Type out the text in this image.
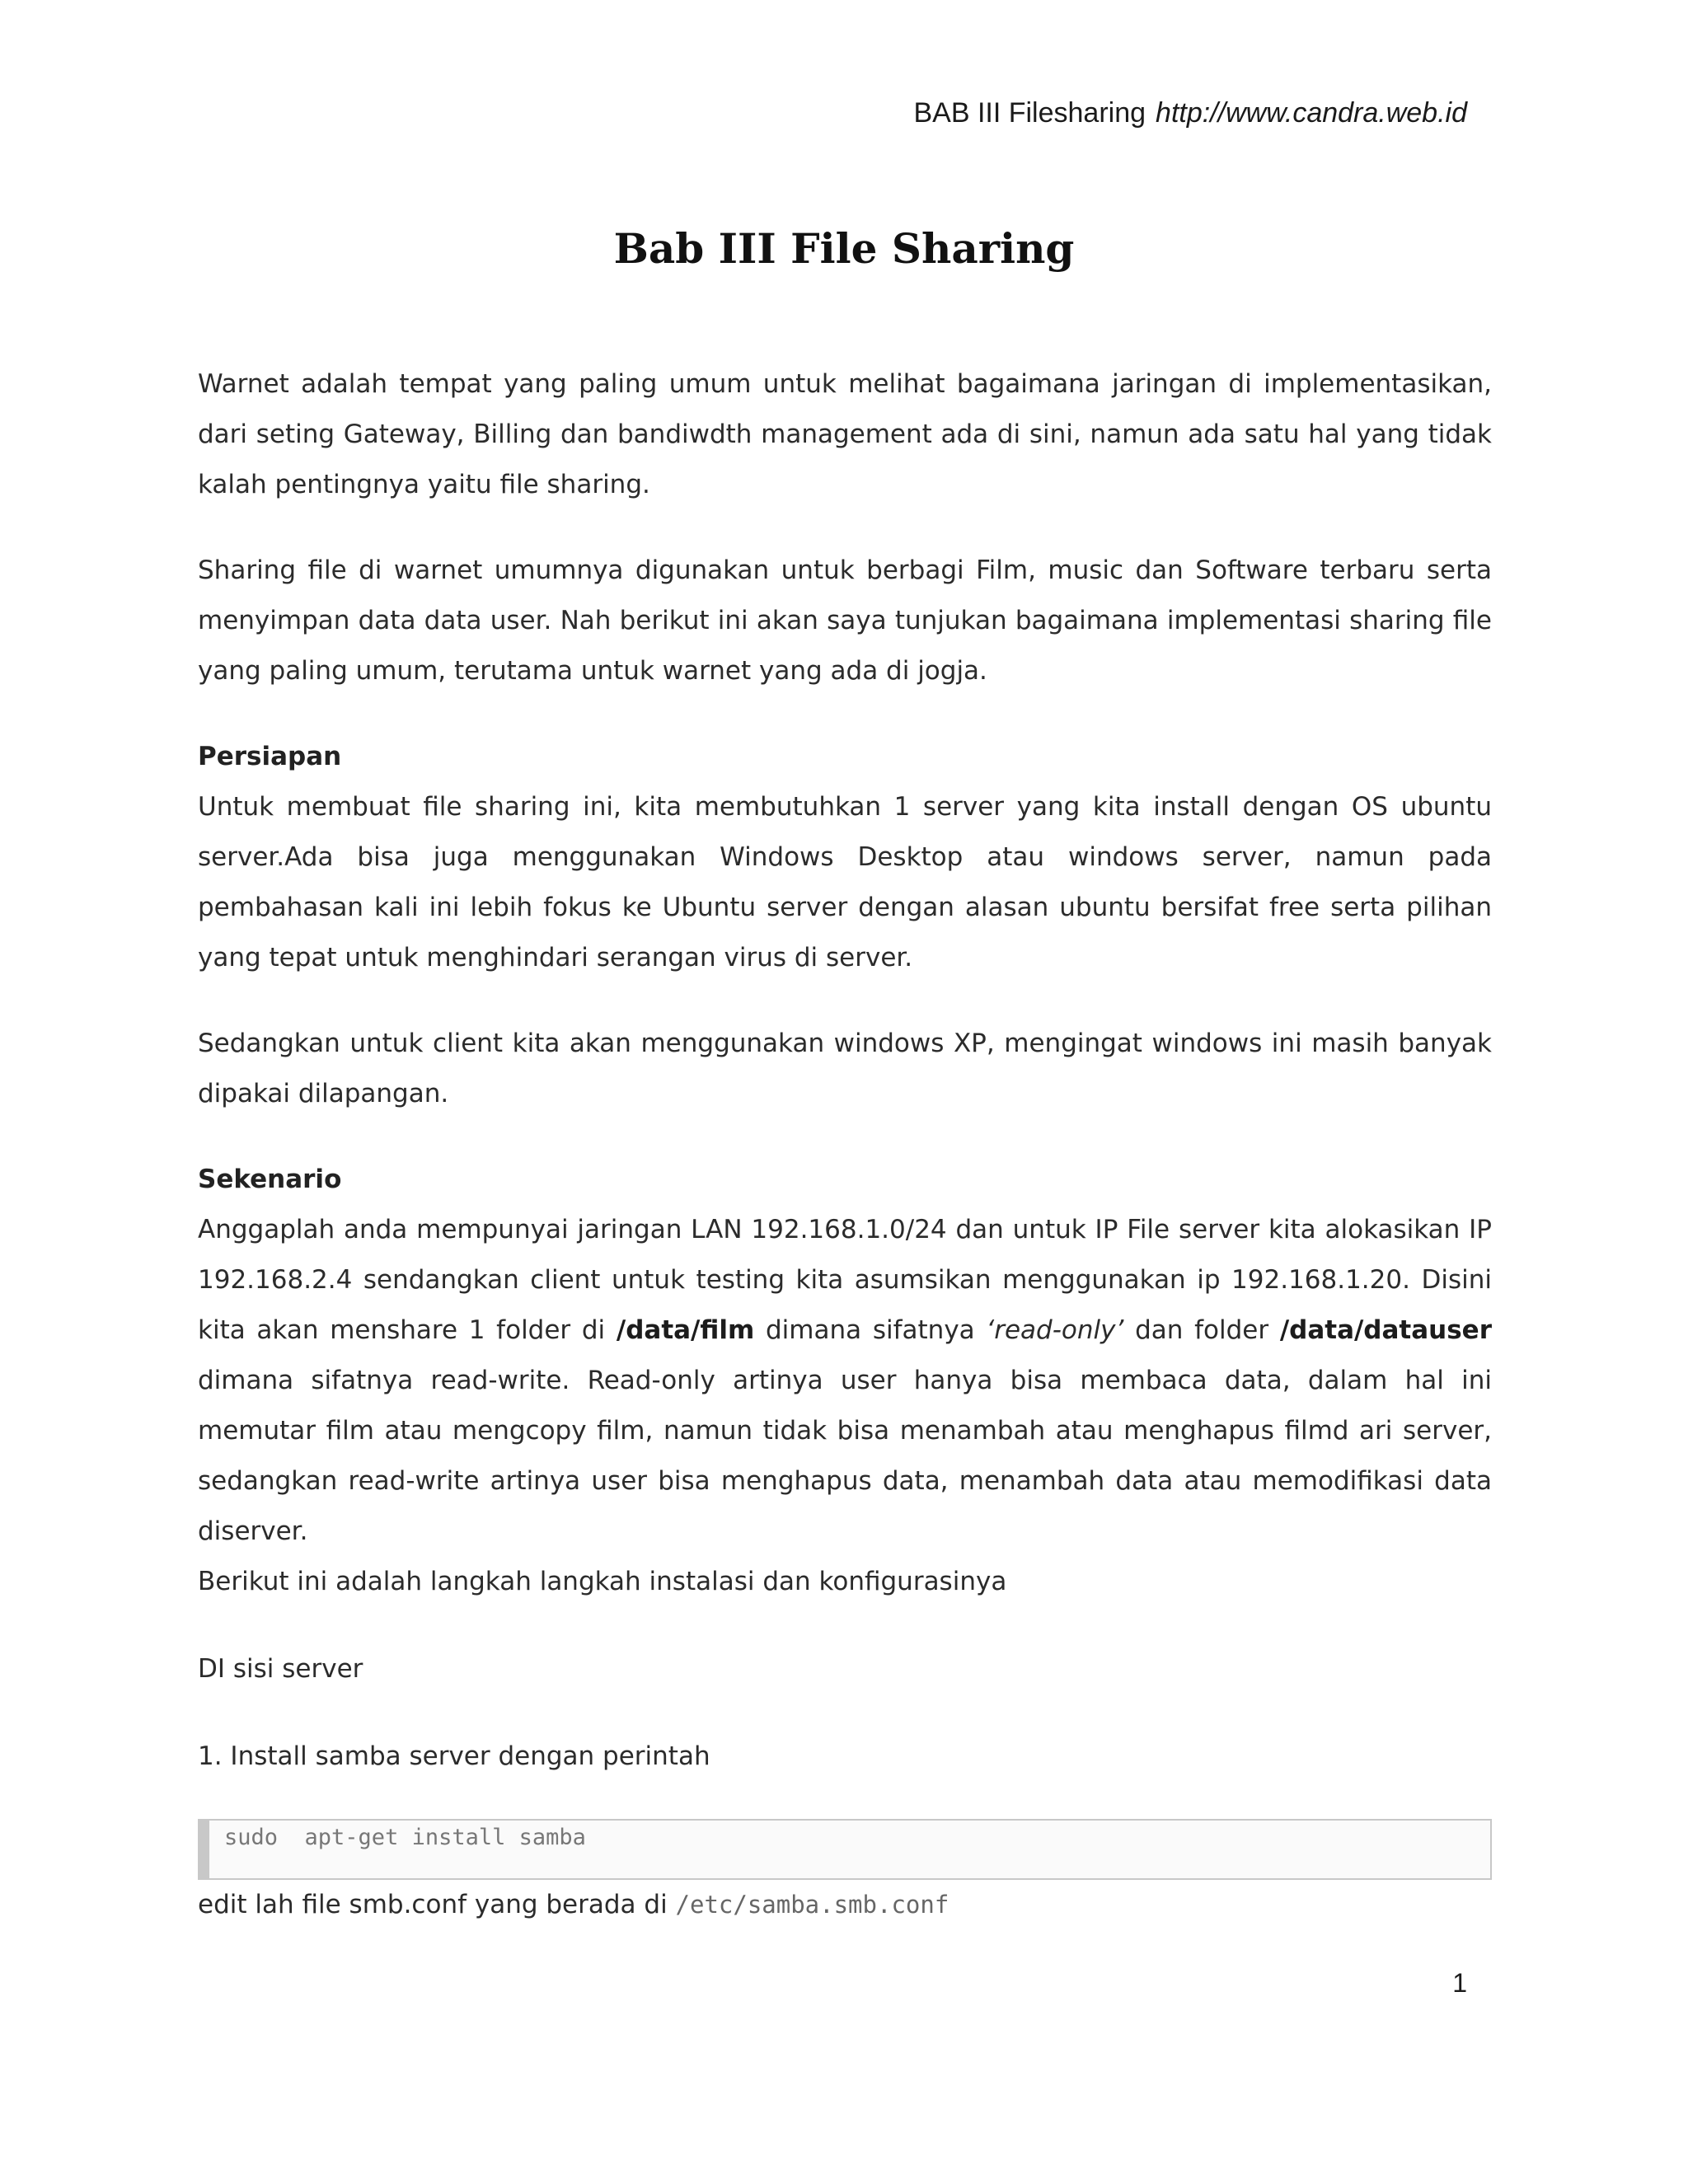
BAB III Filesharing http://www.candra.web.id
Bab III File Sharing

Warnet adalah tempat yang paling umum untuk melihat bagaimana jaringan di implementasikan, dari seting Gateway, Billing dan bandiwdth management ada di sini, namun ada satu hal yang tidak kalah pentingnya yaitu file sharing.

Sharing file di warnet umumnya digunakan untuk berbagi Film, music dan Software terbaru serta menyimpan data data user. Nah berikut ini akan saya tunjukan bagaimana implementasi sharing file yang paling umum, terutama untuk warnet yang ada di jogja.

Persiapan

Untuk membuat file sharing ini, kita membutuhkan 1 server yang kita install dengan OS ubuntu server.Ada bisa juga menggunakan Windows Desktop atau windows server, namun pada pembahasan kali ini lebih fokus ke Ubuntu server dengan alasan ubuntu bersifat free serta pilihan yang tepat untuk menghindari serangan virus di server.

Sedangkan untuk client kita akan menggunakan windows XP, mengingat windows ini masih banyak dipakai dilapangan.

Sekenario

Anggaplah anda mempunyai jaringan LAN 192.168.1.0/24 dan untuk IP File server kita alokasikan IP 192.168.2.4 sendangkan client untuk testing kita asumsikan menggunakan ip 192.168.1.20. Disini kita akan menshare 1 folder di /data/film dimana sifatnya ‘read-only’ dan folder /data/datauser dimana sifatnya read-write. Read-only artinya user hanya bisa membaca data, dalam hal ini memutar film atau mengcopy film, namun tidak bisa menambah atau menghapus filmd ari server, sedangkan read-write artinya user bisa menghapus data, menambah data atau memodifikasi data diserver.

Berikut ini adalah langkah langkah instalasi dan konfigurasinya

DI sisi server

1. Install samba server dengan perintah

sudo  apt-get install samba

edit lah file smb.conf yang berada di /etc/samba.smb.conf

1
